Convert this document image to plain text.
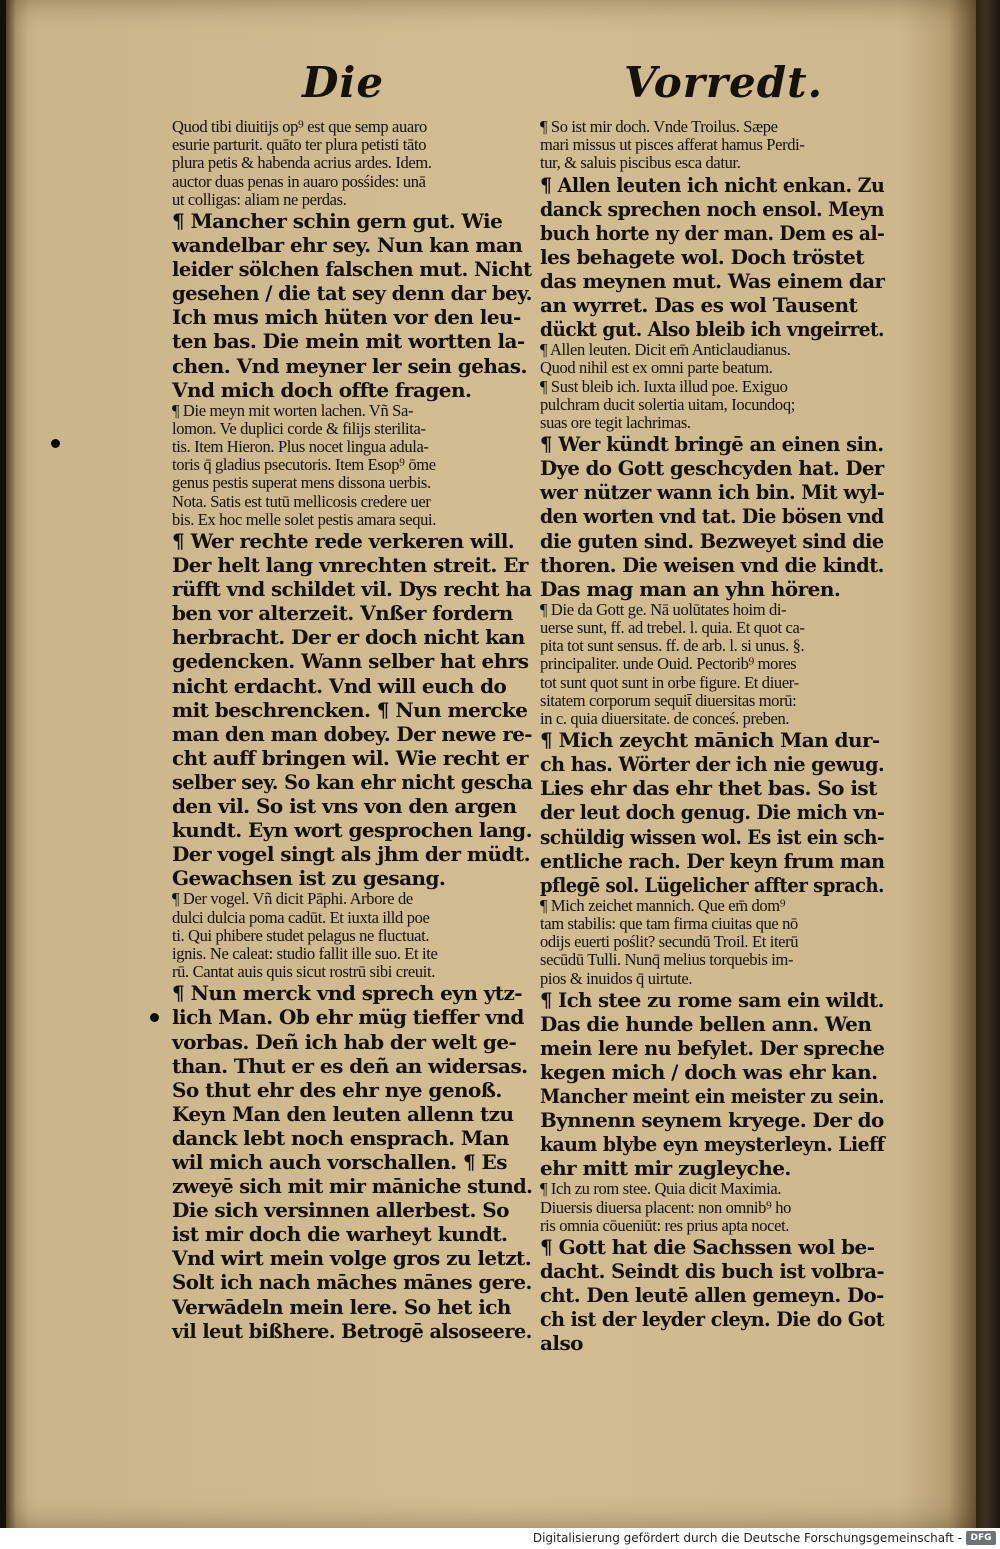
Die	Vorredt.
Quod tibi diuitijs op⁹ est que semp auaro
esurie parturit. quāto ter plura petisti tāto
plura petis & habenda acrius ardes. Idem.
auctor duas penas in auaro posśides: unā
ut colligas: aliam ne perdas.
¶ Mancher schin gern gut. Wie
wandelbar ehr sey. Nun kan man
leider sölchen falschen mut. Nicht
gesehen / die tat sey denn dar bey.
Ich mus mich hüten vor den leu-
ten bas. Die mein mit wortten la-
chen. Vnd meyner ler sein gehas.
Vnd mich doch offte fragen.
¶ Die meyn mit worten lachen. Vñ Sa-
lomon. Ve duplici corde & filijs sterilita-
tis. Item Hieron. Plus nocet lingua adula-
toris q̄ gladius psecutoris. Item Esop⁹ ōme
genus pestis superat mens dissona uerbis.
Nota. Satis est tutū mellicosis credere uer
bis. Ex hoc melle solet pestis amara sequi.
¶ Wer rechte rede verkeren will.
Der helt lang vnrechten streit. Er
rüfft vnd schildet vil. Dys recht ha
ben vor alterzeit. Vnßer fordern
herbracht. Der er doch nicht kan
gedencken. Wann selber hat ehrs
nicht erdacht. Vnd will euch do
mit beschrencken. ¶ Nun mercke
man den man dobey. Der newe re-
cht auff bringen wil. Wie recht er
selber sey. So kan ehr nicht gescha
den vil. So ist vns von den argen
kundt. Eyn wort gesprochen lang.
Der vogel singt als jhm der müdt.
Gewachsen ist zu gesang.
¶ Der vogel. Vñ dicit Pāphi. Arbore de
dulci dulcia poma cadūt. Et iuxta illd poe
ti. Qui phibere studet pelagus ne fluctuat.
ignis. Ne caleat: studio fallit ille suo. Et ite
rū. Cantat auis quis sicut rostrū sibi creuit.
¶ Nun merck vnd sprech eyn ytz-
lich Man. Ob ehr müg tieffer vnd
vorbas. Deñ ich hab der welt ge-
than. Thut er es deñ an widersas.
So thut ehr des ehr nye genoß.
Keyn Man den leuten allenn tzu
danck lebt noch ensprach. Man
wil mich auch vorschallen. ¶ Es
zweyē sich mit mir māniche stund.
Die sich versinnen allerbest. So
ist mir doch die warheyt kundt.
Vnd wirt mein volge gros zu letzt.
Solt ich nach māches mānes gere.
Verwādeln mein lere. So het ich
vil leut bißhere. Betrogē alsoseere.
¶ So ist mir doch. Vnde Troilus. Sæpe
mari missus ut pisces afferat hamus Perdi-
tur, & saluis piscibus esca datur.
¶ Allen leuten ich nicht enkan. Zu
danck sprechen noch ensol. Meyn
buch horte ny der man. Dem es al-
les behagete wol. Doch tröstet
das meynen mut. Was einem dar
an wyrret. Das es wol Tausent
dückt gut. Also bleib ich vngeirret.
¶ Allen leuten. Dicit em̄ Anticlaudianus.
Quod nihil est ex omni parte beatum.
¶ Sust bleib ich. Iuxta illud poe. Exiguo
pulchram ducit solertia uitam, Iocundoq;
suas ore tegit lachrimas.
¶ Wer kündt bringē an einen sin.
Dye do Gott geschcyden hat. Der
wer nützer wann ich bin. Mit wyl-
den worten vnd tat. Die bösen vnd
die guten sind. Bezweyet sind die
thoren. Die weisen vnd die kindt.
Das mag man an yhn hören.
¶ Die da Gott ge. Nā uolūtates hoim di-
uerse sunt, ff. ad trebel. l. quia. Et quot ca-
pita tot sunt sensus. ff. de arb. l. si unus. §.
principaliter. unde Ouid. Pectorib⁹ mores
tot sunt quot sunt in orbe figure. Et diuer-
sitatem corporum sequit̄ diuersitas morū:
in c. quia diuersitate. de conceś. preben.
¶ Mich zeycht mānich Man dur-
ch has. Wörter der ich nie gewug.
Lies ehr das ehr thet bas. So ist
der leut doch genug. Die mich vn-
schüldig wissen wol. Es ist ein sch-
entliche rach. Der keyn frum man
pflegē sol. Lügelicher affter sprach.
¶ Mich zeichet mannich. Que em̄ dom⁹
tam stabilis: que tam firma ciuitas que nō
odijs euerti poślit? secundū Troil. Et iterū
secūdū Tulli. Nunq̄ melius torquebis im-
pios & inuidos q̄ uirtute.
¶ Ich stee zu rome sam ein wildt.
Das die hunde bellen ann. Wen
mein lere nu befylet. Der spreche
kegen mich / doch was ehr kan.
Mancher meint ein meister zu sein.
Bynnenn seynem kryege. Der do
kaum blybe eyn meysterleyn. Lieff
ehr mitt mir zugleyche.
¶ Ich zu rom stee. Quia dicit Maximia.
Diuersis diuersa placent: non omnib⁹ ho
ris omnia cōueniūt: res prius apta nocet.
¶ Gott hat die Sachssen wol be-
dacht. Seindt dis buch ist volbra-
cht. Den leutē allen gemeyn. Do-
ch ist der leyder cleyn. Die do Got
also
Digitalisierung gefördert durch die Deutsche Forschungsgemeinschaft - DFG
